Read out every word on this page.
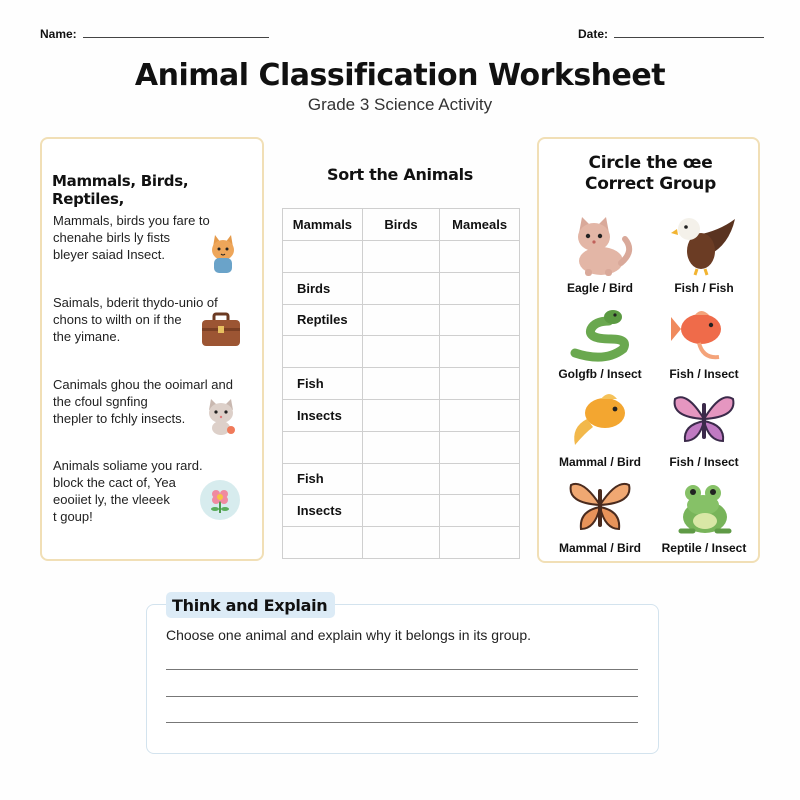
Name:	Date:
Animal Classification Worksheet
Grade 3 Science Activity
Mammals, Birds, Reptiles,
Mammals, birds you fare to
chenahe birls ly fists
bleyer saiad Insect.
Saimals, bderit thydo-unio of
chons to wilth on if the
the yimane.
Canimals ghou the ooimarl and
the cfoul sgnfing
thepler to fchly insects.
Animals soliame you rard.
block the cact of, Yea
eooiiet ly, the vleeek
t goup!
Sort the Animals
Mammals	Birds	Mameals

Birds		
Reptiles		

Fish		
Insects		

Fish		
Insects		

Circle the œe
Correct Group
Eagle / Bird	Fish / Fish
Golgfb / Insect	Fish / Insect
Mammal / Bird	Fish / Insect
Mammal / Bird	Reptile / Insect
Think and Explain
Choose one animal and explain why it belongs in its group.
